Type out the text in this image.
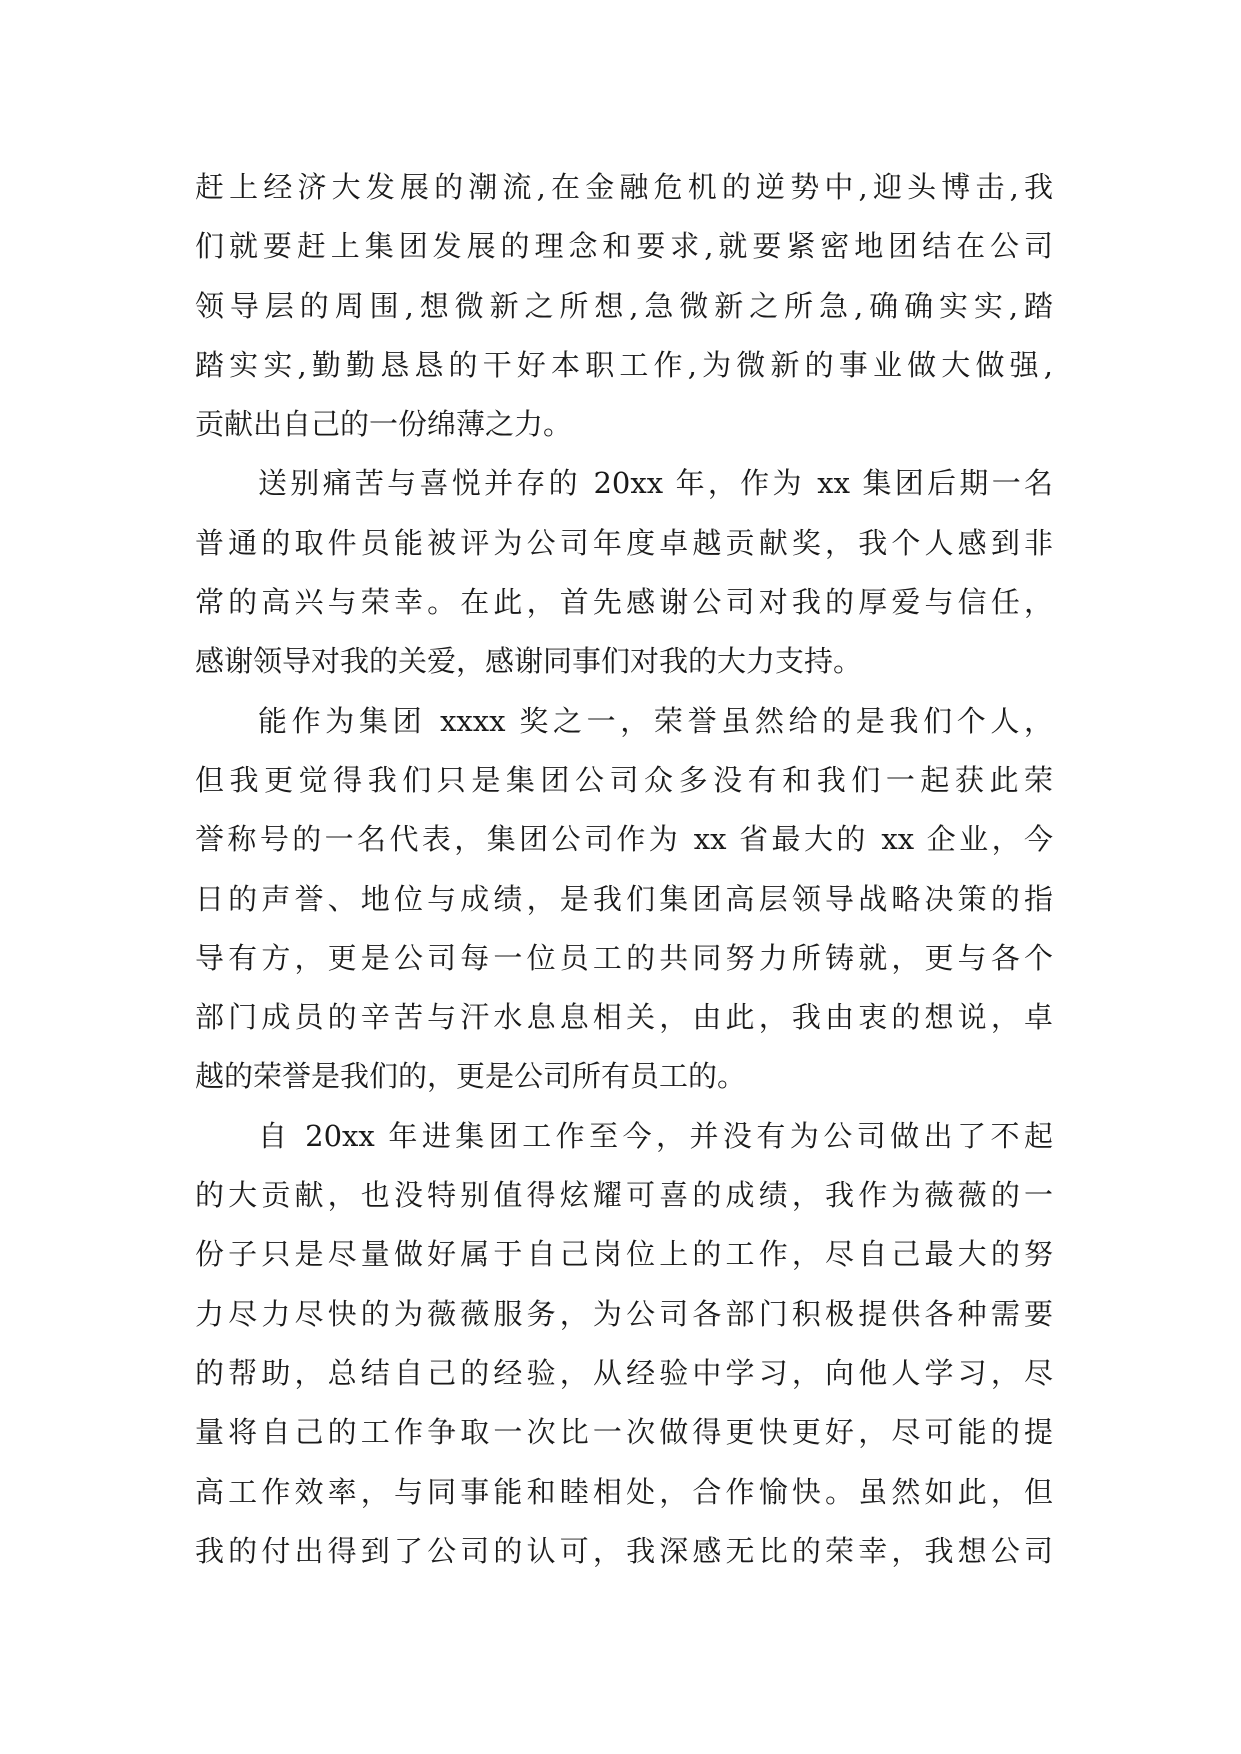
赶上经济大发展的潮流,在金融危机的逆势中,迎头博击,我
们就要赶上集团发展的理念和要求,就要紧密地团结在公司
领导层的周围,想微新之所想,急微新之所急,确确实实,踏
踏实实,勤勤恳恳的干好本职工作,为微新的事业做大做强,
贡献出自己的一份绵薄之力。
送别痛苦与喜悦并存的 20xx 年，作为 xx 集团后期一名
普通的取件员能被评为公司年度卓越贡献奖，我个人感到非
常的高兴与荣幸。在此，首先感谢公司对我的厚爱与信任，
感谢领导对我的关爱，感谢同事们对我的大力支持。
能作为集团 xxxx 奖之一，荣誉虽然给的是我们个人，
但我更觉得我们只是集团公司众多没有和我们一起获此荣
誉称号的一名代表，集团公司作为 xx 省最大的 xx 企业，今
日的声誉、地位与成绩，是我们集团高层领导战略决策的指
导有方，更是公司每一位员工的共同努力所铸就，更与各个
部门成员的辛苦与汗水息息相关，由此，我由衷的想说，卓
越的荣誉是我们的，更是公司所有员工的。
自 20xx 年进集团工作至今，并没有为公司做出了不起
的大贡献，也没特别值得炫耀可喜的成绩，我作为薇薇的一
份子只是尽量做好属于自己岗位上的工作，尽自己最大的努
力尽力尽快的为薇薇服务，为公司各部门积极提供各种需要
的帮助，总结自己的经验，从经验中学习，向他人学习，尽
量将自己的工作争取一次比一次做得更快更好，尽可能的提
高工作效率，与同事能和睦相处，合作愉快。虽然如此，但
我的付出得到了公司的认可，我深感无比的荣幸，我想公司
